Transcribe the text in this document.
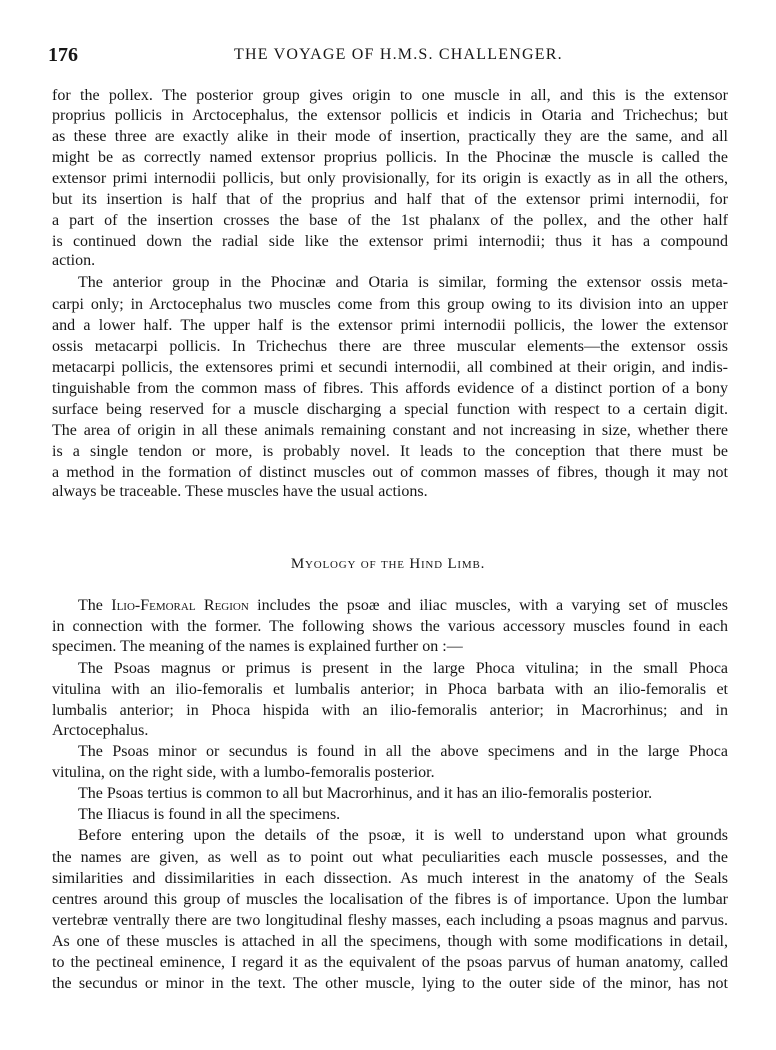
176	THE VOYAGE OF H.M.S. CHALLENGER.
for the pollex. The posterior group gives origin to one muscle in all, and this is the extensor
proprius pollicis in Arctocephalus, the extensor pollicis et indicis in Otaria and Trichechus; but
as these three are exactly alike in their mode of insertion, practically they are the same, and all
might be as correctly named extensor proprius pollicis. In the Phocinæ the muscle is called the
extensor primi internodii pollicis, but only provisionally, for its origin is exactly as in all the others,
but its insertion is half that of the proprius and half that of the extensor primi internodii, for
a part of the insertion crosses the base of the 1st phalanx of the pollex, and the other half
is continued down the radial side like the extensor primi internodii; thus it has a compound
action.
The anterior group in the Phocinæ and Otaria is similar, forming the extensor ossis meta-
carpi only; in Arctocephalus two muscles come from this group owing to its division into an upper
and a lower half. The upper half is the extensor primi internodii pollicis, the lower the extensor
ossis metacarpi pollicis. In Trichechus there are three muscular elements—the extensor ossis
metacarpi pollicis, the extensores primi et secundi internodii, all combined at their origin, and indis-
tinguishable from the common mass of fibres. This affords evidence of a distinct portion of a bony
surface being reserved for a muscle discharging a special function with respect to a certain digit.
The area of origin in all these animals remaining constant and not increasing in size, whether there
is a single tendon or more, is probably novel. It leads to the conception that there must be
a method in the formation of distinct muscles out of common masses of fibres, though it may not
always be traceable. These muscles have the usual actions.
Myology of the Hind Limb.
The Ilio-Femoral Region includes the psoæ and iliac muscles, with a varying set of muscles
in connection with the former. The following shows the various accessory muscles found in each
specimen. The meaning of the names is explained further on :—
The Psoas magnus or primus is present in the large Phoca vitulina; in the small Phoca
vitulina with an ilio-femoralis et lumbalis anterior; in Phoca barbata with an ilio-femoralis et
lumbalis anterior; in Phoca hispida with an ilio-femoralis anterior; in Macrorhinus; and in
Arctocephalus.
The Psoas minor or secundus is found in all the above specimens and in the large Phoca
vitulina, on the right side, with a lumbo-femoralis posterior.
The Psoas tertius is common to all but Macrorhinus, and it has an ilio-femoralis posterior.
The Iliacus is found in all the specimens.
Before entering upon the details of the psoæ, it is well to understand upon what grounds
the names are given, as well as to point out what peculiarities each muscle possesses, and the
similarities and dissimilarities in each dissection. As much interest in the anatomy of the Seals
centres around this group of muscles the localisation of the fibres is of importance. Upon the lumbar
vertebræ ventrally there are two longitudinal fleshy masses, each including a psoas magnus and parvus.
As one of these muscles is attached in all the specimens, though with some modifications in detail,
to the pectineal eminence, I regard it as the equivalent of the psoas parvus of human anatomy, called
the secundus or minor in the text. The other muscle, lying to the outer side of the minor, has not
